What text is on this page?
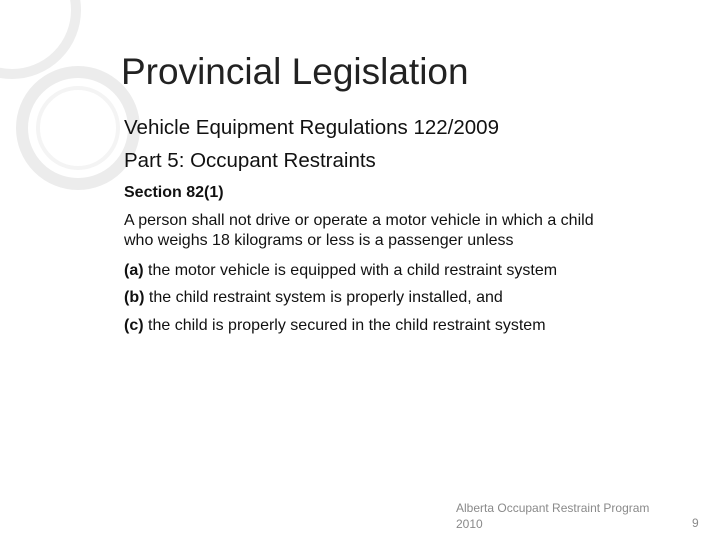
Provincial Legislation
Vehicle Equipment Regulations 122/2009
Part 5: Occupant Restraints
Section 82(1)
A person shall not drive or operate a motor vehicle in which a child
who weighs 18 kilograms or less is a passenger unless
(a) the motor vehicle is equipped with a child restraint system
(b) the child restraint system is properly installed, and
(c) the child is properly secured in the child restraint system
Alberta Occupant Restraint Program
2010	9
